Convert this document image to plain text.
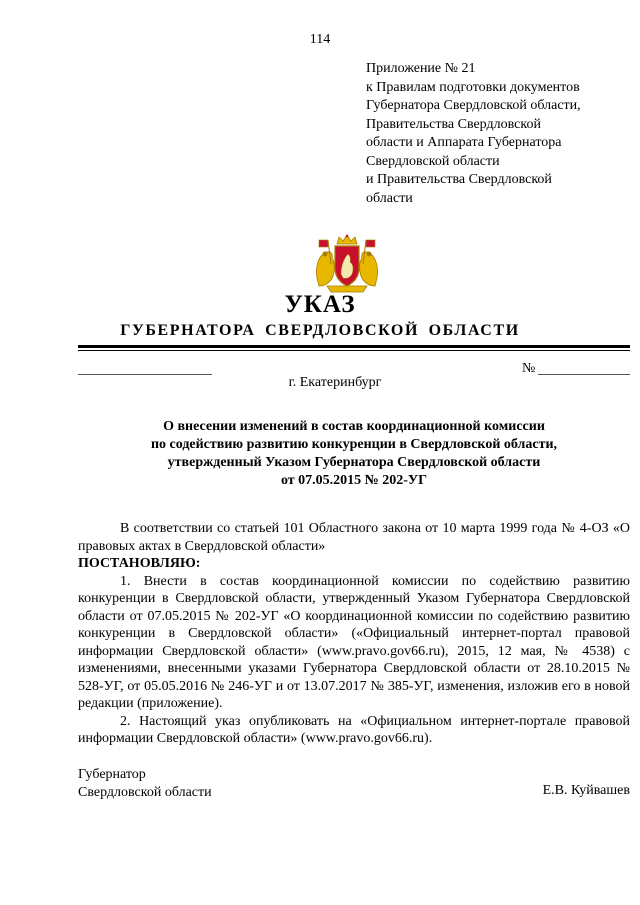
114
Приложение № 21
к Правилам подготовки документов
Губернатора Свердловской области,
Правительства Свердловской
области и Аппарата Губернатора
Свердловской области
и Правительства Свердловской
области
УКАЗ
ГУБЕРНАТОРА СВЕРДЛОВСКОЙ ОБЛАСТИ
№
г. Екатеринбург
О внесении изменений в состав координационной комиссии
по содействию развитию конкуренции в Свердловской области,
утвержденный Указом Губернатора Свердловской области
от 07.05.2015 № 202-УГ

В соответствии со статьей 101 Областного закона от 10 марта 1999 года № 4-ОЗ «О правовых актах в Свердловской области»

ПОСТАНОВЛЯЮ:

1. Внести в состав координационной комиссии по содействию развитию конкуренции в Свердловской области, утвержденный Указом Губернатора Свердловской области от 07.05.2015 № 202-УГ «О координационной комиссии по содействию развитию конкуренции в Свердловской области» («Официальный интернет-портал правовой информации Свердловской области» (www.pravo.gov66.ru), 2015, 12 мая, № 4538) с изменениями, внесенными указами Губернатора Свердловской области от 28.10.2015 № 528-УГ, от 05.05.2016 № 246-УГ и от 13.07.2017 № 385-УГ, изменения, изложив его в новой редакции (приложение).

2. Настоящий указ опубликовать на «Официальном интернет-портале правовой информации Свердловской области» (www.pravo.gov66.ru).

Губернатор
Свердловской области	Е.В. Куйвашев
